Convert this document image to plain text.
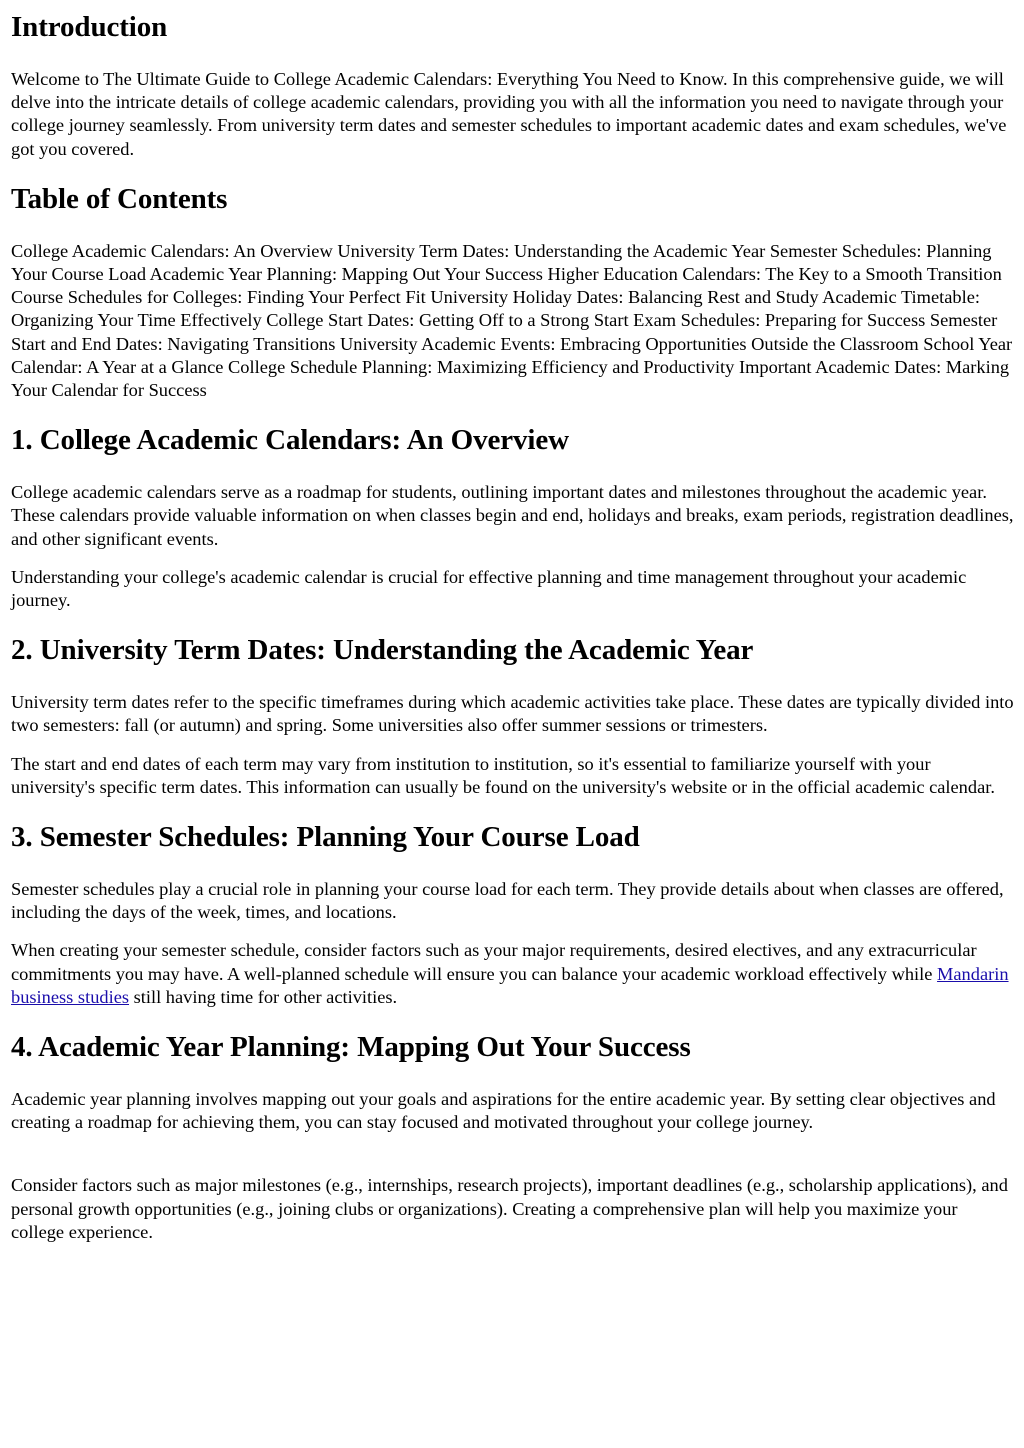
Introduction

Welcome to The Ultimate Guide to College Academic Calendars: Everything You Need to Know. In this comprehensive guide, we will delve into the intricate details of college academic calendars, providing you with all the information you need to navigate through your college journey seamlessly. From university term dates and semester schedules to important academic dates and exam schedules, we've got you covered.

Table of Contents

College Academic Calendars: An Overview University Term Dates: Understanding the Academic Year Semester Schedules: Planning Your Course Load Academic Year Planning: Mapping Out Your Success Higher Education Calendars: The Key to a Smooth Transition Course Schedules for Colleges: Finding Your Perfect Fit University Holiday Dates: Balancing Rest and Study Academic Timetable: Organizing Your Time Effectively College Start Dates: Getting Off to a Strong Start Exam Schedules: Preparing for Success Semester Start and End Dates: Navigating Transitions University Academic Events: Embracing Opportunities Outside the Classroom School Year Calendar: A Year at a Glance College Schedule Planning: Maximizing Efficiency and Productivity Important Academic Dates: Marking Your Calendar for Success

1. College Academic Calendars: An Overview

College academic calendars serve as a roadmap for students, outlining important dates and milestones throughout the academic year. These calendars provide valuable information on when classes begin and end, holidays and breaks, exam periods, registration deadlines, and other significant events.

Understanding your college's academic calendar is crucial for effective planning and time management throughout your academic journey.

2. University Term Dates: Understanding the Academic Year

University term dates refer to the specific timeframes during which academic activities take place. These dates are typically divided into two semesters: fall (or autumn) and spring. Some universities also offer summer sessions or trimesters.

The start and end dates of each term may vary from institution to institution, so it's essential to familiarize yourself with your university's specific term dates. This information can usually be found on the university's website or in the official academic calendar.

3. Semester Schedules: Planning Your Course Load

Semester schedules play a crucial role in planning your course load for each term. They provide details about when classes are offered, including the days of the week, times, and locations.

When creating your semester schedule, consider factors such as your major requirements, desired electives, and any extracurricular commitments you may have. A well-planned schedule will ensure you can balance your academic workload effectively while Mandarin business studies still having time for other activities.

4. Academic Year Planning: Mapping Out Your Success

Academic year planning involves mapping out your goals and aspirations for the entire academic year. By setting clear objectives and creating a roadmap for achieving them, you can stay focused and motivated throughout your college journey.

Consider factors such as major milestones (e.g., internships, research projects), important deadlines (e.g., scholarship applications), and personal growth opportunities (e.g., joining clubs or organizations). Creating a comprehensive plan will help you maximize your college experience.
